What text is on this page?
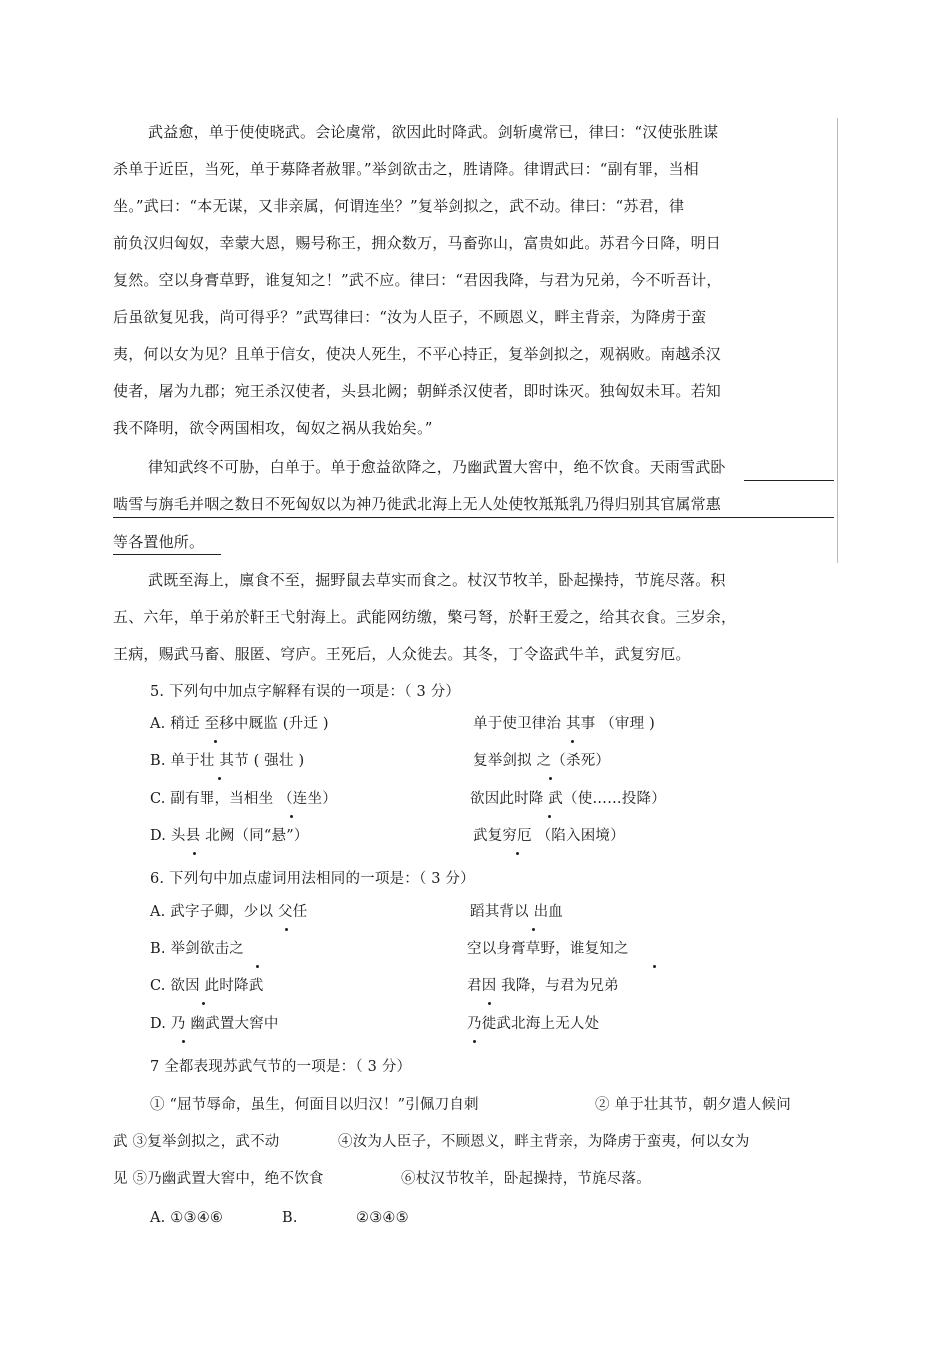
武益愈，单于使使晓武。会论虞常，欲因此时降武。剑斩虞常已，律曰：“汉使张胜谋
杀单于近臣，当死，单于募降者赦罪。”举剑欲击之，胜请降。律谓武曰：“副有罪，当相
坐。”武曰：“本无谋，又非亲属，何谓连坐？”复举剑拟之，武不动。律曰：“苏君，律
前负汉归匈奴，幸蒙大恩，赐号称王，拥众数万，马畜弥山，富贵如此。苏君今日降，明日
复然。空以身膏草野，谁复知之！”武不应。律曰：“君因我降，与君为兄弟，今不听吾计，
后虽欲复见我，尚可得乎？”武骂律曰：“汝为人臣子，不顾恩义，畔主背亲，为降虏于蛮
夷，何以女为见？且单于信女，使决人死生，不平心持正，复举剑拟之，观祸败。南越杀汉
使者，屠为九郡；宛王杀汉使者，头县北阙；朝鲜杀汉使者，即时诛灭。独匈奴未耳。若知
我不降明，欲令两国相攻，匈奴之祸从我始矣。”
律知武终不可胁，白单于。单于愈益欲降之，乃幽武置大窖中，绝不饮食。天雨雪武卧
啮雪与旃毛并咽之数日不死匈奴以为神乃徙武北海上无人处使牧羝羝乳乃得归别其官属常惠
等各置他所。
武既至海上，廪食不至，掘野鼠去草实而食之。杖汉节牧羊，卧起操持，节旄尽落。积
五、六年，单于弟於靬王弋射海上。武能网纺缴，檠弓弩，於靬王爱之，给其衣食。三岁余，
王病，赐武马畜、服匿、穹庐。王死后，人众徙去。其冬，丁令盗武牛羊，武复穷厄。
5. 下列句中加点字解释有误的一项是：（ 3 分）
A. 稍迁 至移中厩监 (升迁 )	单于使卫律治 其事 （审理 )
B. 单于壮 其节 ( 强壮 )	复举剑拟 之（杀死）
C. 副有罪，当相坐 （连坐）	欲因此时降 武（使……投降）
D. 头县 北阙（同“悬”）	武复穷厄 （陷入困境）
6. 下列句中加点虚词用法相同的一项是：（ 3 分）
A. 武字子卿，少以 父任	蹈其背以 出血
B. 举剑欲击之	空以身膏草野，谁复知之
C. 欲因 此时降武	君因 我降，与君为兄弟
D. 乃 幽武置大窖中	乃徙武北海上无人处
7 全都表现苏武气节的一项是：（ 3 分）
① “屈节辱命，虽生，何面目以归汉！”引佩刀自刺	② 单于壮其节，朝夕遣人候问
武 ③复举剑拟之，武不动	④汝为人臣子，不顾恩义，畔主背亲，为降虏于蛮夷，何以女为
见 ⑤乃幽武置大窖中，绝不饮食	⑥杖汉节牧羊，卧起操持，节旄尽落。
A. ①③④⑥	B.	②③④⑤
